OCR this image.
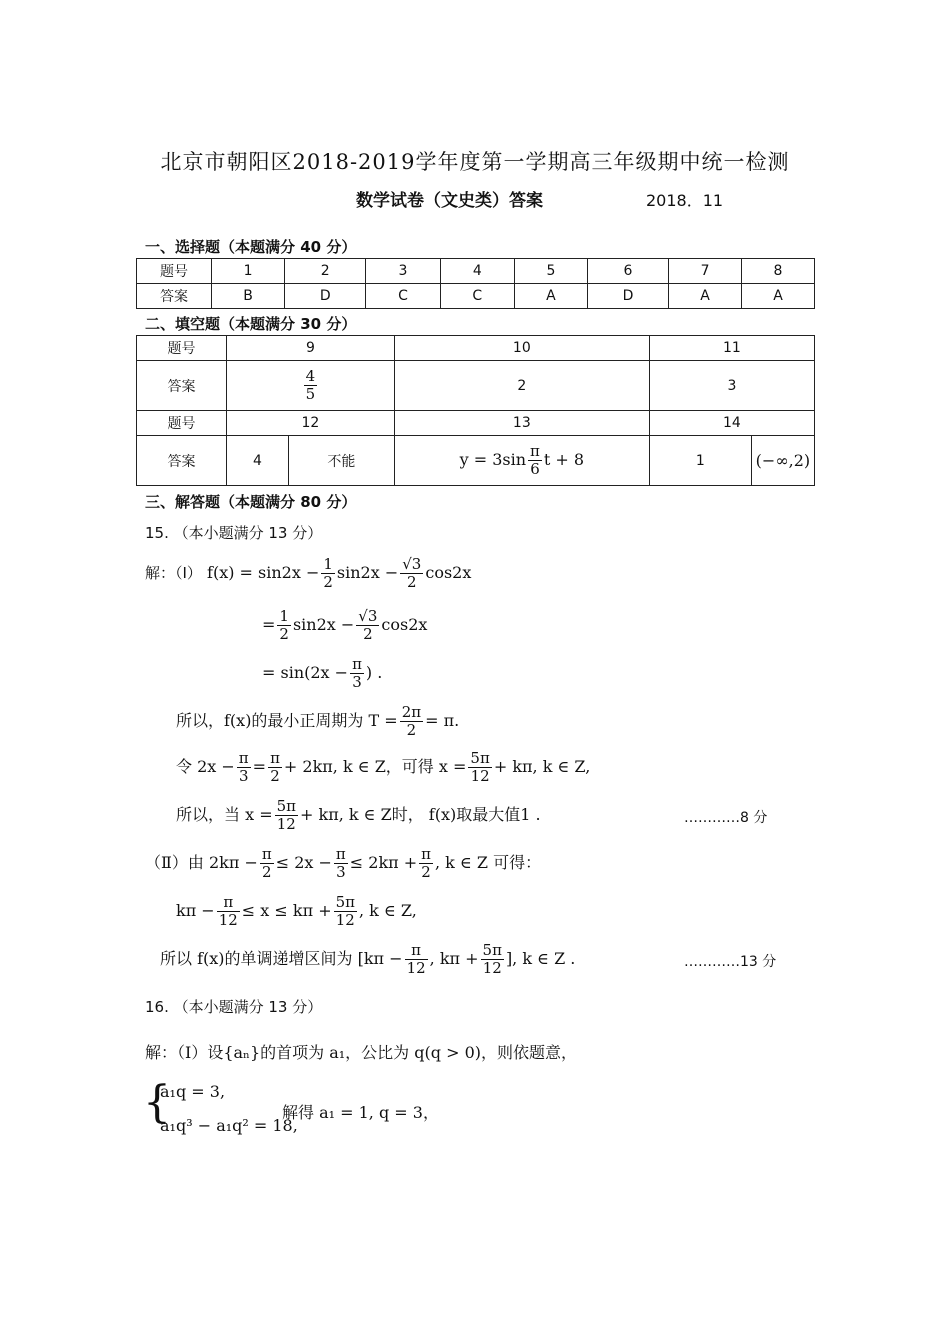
北京市朝阳区2018-2019学年度第一学期高三年级期中统一检测
数学试卷（文史类）答案	2018．11
一、选择题（本题满分 40 分）
题号	1	2	3	4	5	6	7	8
答案	B	D	C	C	A	D	A	A
二、填空题（本题满分 30 分）
题号	9		10	11	
答案	$\frac{4}{5}$		2	3	
题号	12		13	14	
答案	4	不能	$y = 3\sin \frac{\pi}{6}$ t + 8	1	(−∞,2)
三、解答题（本题满分 80 分）
15. （本小题满分 13 分）
解：（Ⅰ） $f(x) = \sin 2x - \frac{1}{2} \sin 2x - \frac{√3}{2} \cos 2x$
= $\frac{1}{2} \sin 2x - \frac{√3}{2} \cos 2x$
= $\sin(2x - \frac{\pi}{3}$ ) .
所以，f(x)的最小正周期为 $T = \frac{2\pi}{2} = \pi$.
令 $2x - \frac{\pi}{3} = \frac{\pi}{2} + 2k\pi$, k ∈ Z，可得 $x = \frac{5\pi}{12} + k\pi$, k ∈ Z,
所以，当 $x = \frac{5\pi}{12} + k\pi$, k ∈ Z时， f(x)取最大值1 .	…………8 分
（Ⅱ）由 $2k\pi - \frac{\pi}{2} \le 2x - \frac{\pi}{3} \le 2k\pi + \frac{\pi}{2}$ , k ∈ Z 可得：
$k\pi - \frac{\pi}{12} \le x \le k\pi + \frac{5\pi}{12}$ , k ∈ Z,
所以 f(x)的单调递增区间为 [$k\pi - \frac{\pi}{12}$ , $k\pi + \frac{5\pi}{12}$ ], k ∈ Z .	…………13 分
16. （本小题满分 13 分）
解：（Ⅰ）设{aₙ}的首项为 a₁，公比为 q(q > 0)，则依题意，
{
a₁q = 3,
a₁q³ − a₁q² = 18,
解得 a₁ = 1, q = 3，
